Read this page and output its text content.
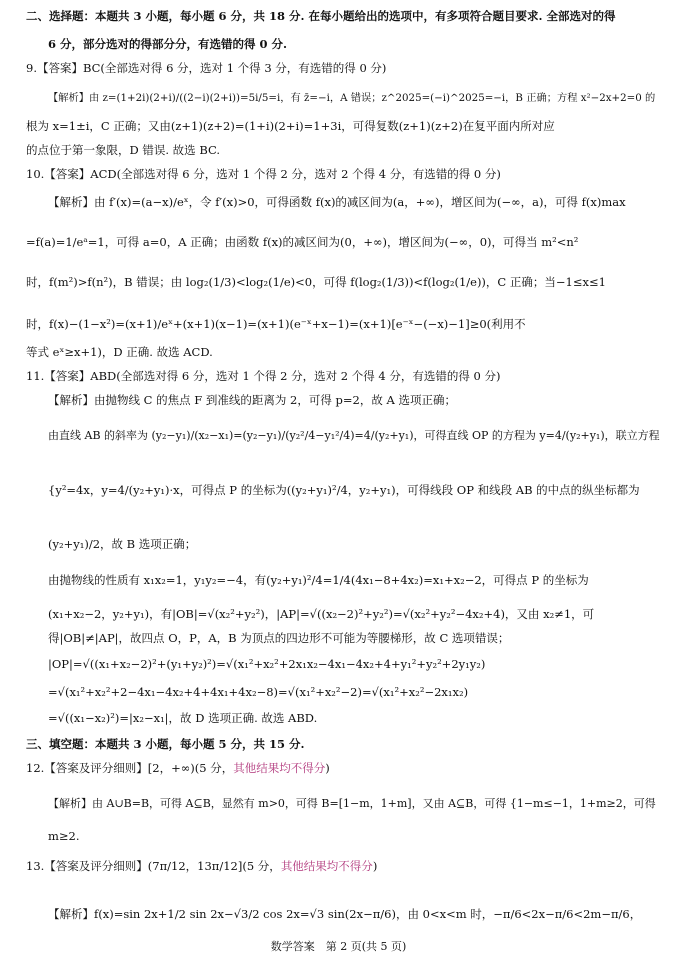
二、选择题：本题共 3 小题，每小题 6 分，共 18 分. 在每小题给出的选项中，有多项符合题目要求. 全部选对的得
6 分，部分选对的得部分分，有选错的得 0 分.
9.【答案】BC(全部选对得 6 分，选对 1 个得 3 分，有选错的得 0 分)
【解析】由 z=(1+2i)(2+i)/((2−i)(2+i))=5i/5=i，有 z̄=−i，A 错误；z^2025=(−i)^2025=−i，B 正确；方程 x²−2x+2=0 的
根为 x=1±i，C 正确；又由(z+1)(z+2)=(1+i)(2+i)=1+3i，可得复数(z+1)(z+2)在复平面内所对应
的点位于第一象限，D 错误. 故选 BC.
10.【答案】ACD(全部选对得 6 分，选对 1 个得 2 分，选对 2 个得 4 分，有选错的得 0 分)
【解析】由 f′(x)=(a−x)/eˣ，令 f′(x)>0，可得函数 f(x)的减区间为(a，+∞)，增区间为(−∞，a)，可得 f(x)max
=f(a)=1/eᵃ=1，可得 a=0，A 正确；由函数 f(x)的减区间为(0，+∞)，增区间为(−∞，0)，可得当 m²<n²
时，f(m²)>f(n²)，B 错误；由 log₂(1/3)<log₂(1/e)<0，可得 f(log₂(1/3))<f(log₂(1/e))，C 正确；当−1≤x≤1
时，f(x)−(1−x²)=(x+1)/eˣ+(x+1)(x−1)=(x+1)(e⁻ˣ+x−1)=(x+1)[e⁻ˣ−(−x)−1]≥0(利用不
等式 eˣ≥x+1)，D 正确. 故选 ACD.
11.【答案】ABD(全部选对得 6 分，选对 1 个得 2 分，选对 2 个得 4 分，有选错的得 0 分)
【解析】由抛物线 C 的焦点 F 到准线的距离为 2，可得 p=2，故 A 选项正确；
由直线 AB 的斜率为 (y₂−y₁)/(x₂−x₁)=(y₂−y₁)/(y₂²/4−y₁²/4)=4/(y₂+y₁)，可得直线 OP 的方程为 y=4/(y₂+y₁)，联立方程
{y²=4x，y=4/(y₂+y₁)·x，可得点 P 的坐标为((y₂+y₁)²/4，y₂+y₁)，可得线段 OP 和线段 AB 的中点的纵坐标都为
(y₂+y₁)/2，故 B 选项正确；
由抛物线的性质有 x₁x₂=1，y₁y₂=−4，有(y₂+y₁)²/4=1/4(4x₁−8+4x₂)=x₁+x₂−2，可得点 P 的坐标为
(x₁+x₂−2，y₂+y₁)，有|OB|=√(x₂²+y₂²)，|AP|=√((x₂−2)²+y₂²)=√(x₂²+y₂²−4x₂+4)，又由 x₂≠1，可
得|OB|≠|AP|，故四点 O，P，A，B 为顶点的四边形不可能为等腰梯形，故 C 选项错误；
|OP|=√((x₁+x₂−2)²+(y₁+y₂)²)=√(x₁²+x₂²+2x₁x₂−4x₁−4x₂+4+y₁²+y₂²+2y₁y₂)
=√(x₁²+x₂²+2−4x₁−4x₂+4+4x₁+4x₂−8)=√(x₁²+x₂²−2)=√(x₁²+x₂²−2x₁x₂)
=√((x₁−x₂)²)=|x₂−x₁|，故 D 选项正确. 故选 ABD.
三、填空题：本题共 3 小题，每小题 5 分，共 15 分.
【解析】由 A∪B=B，可得 A⊆B，显然有 m>0，可得 B=[1−m，1+m]，又由 A⊆B，可得 {1−m≤−1，1+m≥2，可得
m≥2.
【解析】f(x)=sin 2x+1/2 sin 2x−√3/2 cos 2x=√3 sin(2x−π/6)，由 0<x<m 时，−π/6<2x−π/6<2m−π/6，
12.【答案及评分细则】[2，+∞)(5 分，其他结果均不得分)
13.【答案及评分细则】(7π/12，13π/12](5 分，其他结果均不得分)
数学答案　第 2 页(共 5 页)
